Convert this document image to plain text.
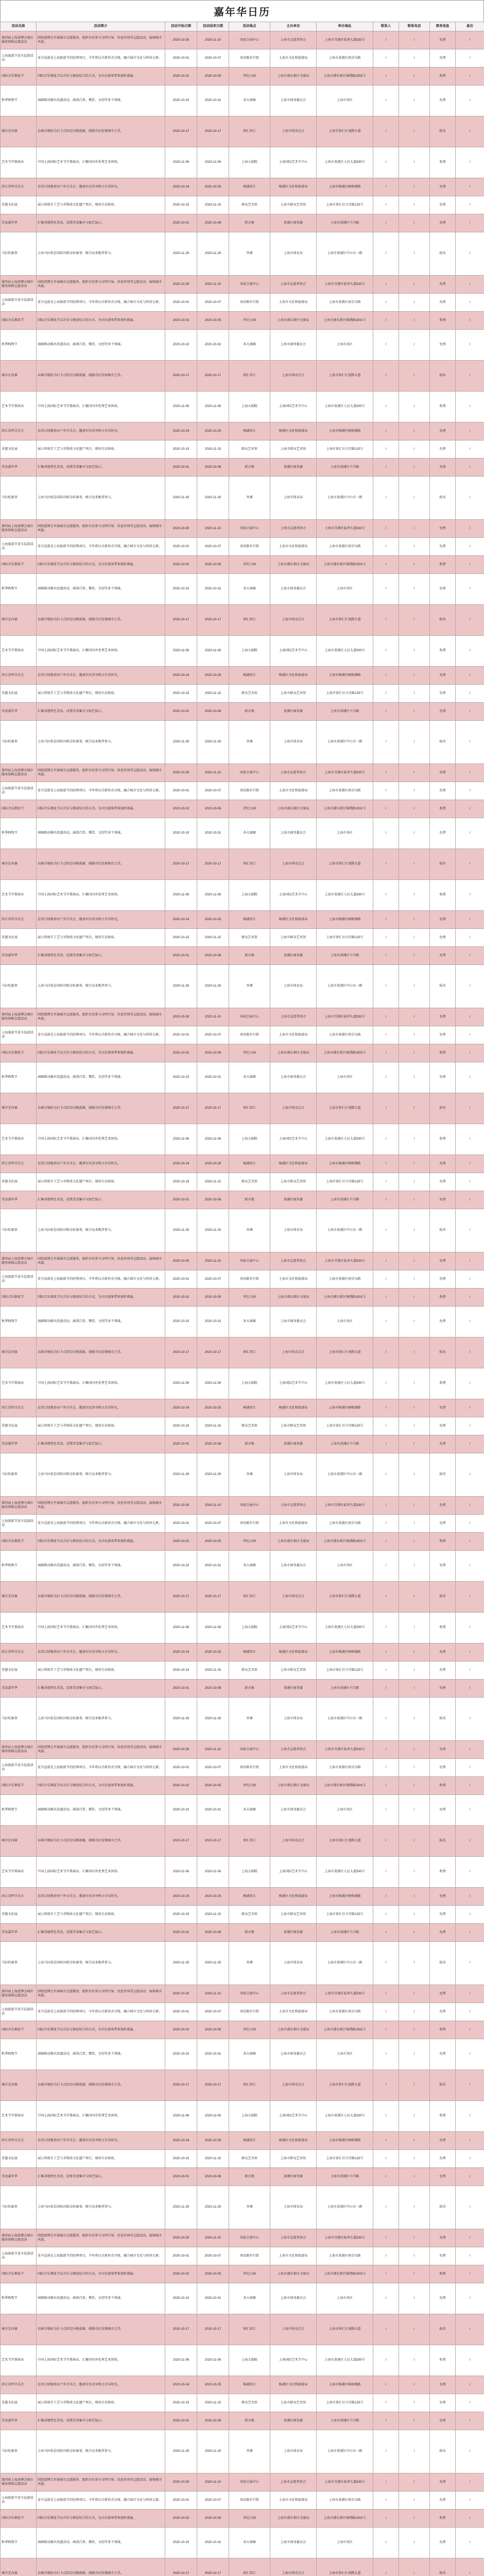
嘉年华日历
活动名称	活动简介	活动开始日期	活动结束日期	活动地点	主办单位	举办地址	联系人	联系电话	票务信息	备注
第四届上海进博会城市服务保障志愿活动	围绕进博会开展城市志愿服务，组织市民参与文明引导、信息咨询等志愿活动，展现城市风貌。	2020-10-30	2020-11-10	国家会展中心	上海市志愿者协会	上海市青浦区崧泽大道333号	/	/	免费	/
上海旅游节花车巡游活动	花车巡游是上海旅游节的经典项目，今年将以全新形式呈现，融合城市文化与时尚元素。	2020-10-01	2020-10-07	南京路步行街	上海市文化和旅游局	上海市黄浦区南京东路	/	/	免费	/
国际音乐烟花节	国际音乐烟花节以音乐与烟花结合的方式，为市民游客带来视听盛宴。	2020-10-02	2020-10-05	世纪公园	上海市浦东新区文旅局	上海市浦东新区锦绣路1001号	/	/	收费	/
秋季购物节	商圈联动推出优惠活动，涵盖百货、餐饮、文创等多个领域。	2020-10-10	2020-10-31	各大商圈	上海市商务委员会	上海市各区	/	/	免费	/
城市定向赛	以城市地标为打卡点的定向挑战赛，鼓励市民发现城市之美。	2020-10-17	2020-10-17	徐汇滨江	上海市体育总会	上海市徐汇区龙腾大道	/	/	报名	/
艺术节开幕演出	中国上海国际艺术节开幕演出，汇聚国内外优秀艺术团体。	2020-11-06	2020-11-06	上海大剧院	上海国际艺术节中心	上海市黄浦区人民大道300号	/	/	收费	/
滨江草坪音乐会	在滨江绿地举办户外音乐会，邀请市民共享秋日音乐时光。	2020-10-24	2020-10-25	杨浦滨江	杨浦区文化和旅游局	上海市杨浦区杨树浦路	/	/	免费	/
非遗文化展	展示传统手工艺与非物质文化遗产项目，现场互动体验。	2020-10-15	2020-11-15	群众艺术馆	上海市群众艺术馆	上海市徐汇区古宜路125号	/	/	免费	/
美食嘉年华	汇集各地特色美食，设置美食集市与厨艺展示。	2020-10-01	2020-10-08	新天地	黄浦区商务委	上海市黄浦区马当路	/	/	免费	/
马拉松赛事	上海马拉松是国际田联金标赛事，吸引众多跑者参与。	2020-11-29	2020-11-29	外滩	上海市体育局	上海市黄浦区中山东一路	/	/	报名	/
第四届上海进博会城市服务保障志愿活动	围绕进博会开展城市志愿服务，组织市民参与文明引导、信息咨询等志愿活动，展现城市风貌。	2020-10-30	2020-11-10	国家会展中心	上海市志愿者协会	上海市青浦区崧泽大道333号	/	/	免费	/
上海旅游节花车巡游活动	花车巡游是上海旅游节的经典项目，今年将以全新形式呈现，融合城市文化与时尚元素。	2020-10-01	2020-10-07	南京路步行街	上海市文化和旅游局	上海市黄浦区南京东路	/	/	免费	/
国际音乐烟花节	国际音乐烟花节以音乐与烟花结合的方式，为市民游客带来视听盛宴。	2020-10-02	2020-10-05	世纪公园	上海市浦东新区文旅局	上海市浦东新区锦绣路1001号	/	/	收费	/
秋季购物节	商圈联动推出优惠活动，涵盖百货、餐饮、文创等多个领域。	2020-10-10	2020-10-31	各大商圈	上海市商务委员会	上海市各区	/	/	免费	/
城市定向赛	以城市地标为打卡点的定向挑战赛，鼓励市民发现城市之美。	2020-10-17	2020-10-17	徐汇滨江	上海市体育总会	上海市徐汇区龙腾大道	/	/	报名	/
艺术节开幕演出	中国上海国际艺术节开幕演出，汇聚国内外优秀艺术团体。	2020-11-06	2020-11-06	上海大剧院	上海国际艺术节中心	上海市黄浦区人民大道300号	/	/	收费	/
滨江草坪音乐会	在滨江绿地举办户外音乐会，邀请市民共享秋日音乐时光。	2020-10-24	2020-10-25	杨浦滨江	杨浦区文化和旅游局	上海市杨浦区杨树浦路	/	/	免费	/
非遗文化展	展示传统手工艺与非物质文化遗产项目，现场互动体验。	2020-10-15	2020-11-15	群众艺术馆	上海市群众艺术馆	上海市徐汇区古宜路125号	/	/	免费	/
美食嘉年华	汇集各地特色美食，设置美食集市与厨艺展示。	2020-10-01	2020-10-08	新天地	黄浦区商务委	上海市黄浦区马当路	/	/	免费	/
马拉松赛事	上海马拉松是国际田联金标赛事，吸引众多跑者参与。	2020-11-29	2020-11-29	外滩	上海市体育局	上海市黄浦区中山东一路	/	/	报名	/
第四届上海进博会城市服务保障志愿活动	围绕进博会开展城市志愿服务，组织市民参与文明引导、信息咨询等志愿活动，展现城市风貌。	2020-10-30	2020-11-10	国家会展中心	上海市志愿者协会	上海市青浦区崧泽大道333号	/	/	免费	/
上海旅游节花车巡游活动	花车巡游是上海旅游节的经典项目，今年将以全新形式呈现，融合城市文化与时尚元素。	2020-10-01	2020-10-07	南京路步行街	上海市文化和旅游局	上海市黄浦区南京东路	/	/	免费	/
国际音乐烟花节	国际音乐烟花节以音乐与烟花结合的方式，为市民游客带来视听盛宴。	2020-10-02	2020-10-05	世纪公园	上海市浦东新区文旅局	上海市浦东新区锦绣路1001号	/	/	收费	/
秋季购物节	商圈联动推出优惠活动，涵盖百货、餐饮、文创等多个领域。	2020-10-10	2020-10-31	各大商圈	上海市商务委员会	上海市各区	/	/	免费	/
城市定向赛	以城市地标为打卡点的定向挑战赛，鼓励市民发现城市之美。	2020-10-17	2020-10-17	徐汇滨江	上海市体育总会	上海市徐汇区龙腾大道	/	/	报名	/
艺术节开幕演出	中国上海国际艺术节开幕演出，汇聚国内外优秀艺术团体。	2020-11-06	2020-11-06	上海大剧院	上海国际艺术节中心	上海市黄浦区人民大道300号	/	/	收费	/
滨江草坪音乐会	在滨江绿地举办户外音乐会，邀请市民共享秋日音乐时光。	2020-10-24	2020-10-25	杨浦滨江	杨浦区文化和旅游局	上海市杨浦区杨树浦路	/	/	免费	/
非遗文化展	展示传统手工艺与非物质文化遗产项目，现场互动体验。	2020-10-15	2020-11-15	群众艺术馆	上海市群众艺术馆	上海市徐汇区古宜路125号	/	/	免费	/
美食嘉年华	汇集各地特色美食，设置美食集市与厨艺展示。	2020-10-01	2020-10-08	新天地	黄浦区商务委	上海市黄浦区马当路	/	/	免费	/
马拉松赛事	上海马拉松是国际田联金标赛事，吸引众多跑者参与。	2020-11-29	2020-11-29	外滩	上海市体育局	上海市黄浦区中山东一路	/	/	报名	/
第四届上海进博会城市服务保障志愿活动	围绕进博会开展城市志愿服务，组织市民参与文明引导、信息咨询等志愿活动，展现城市风貌。	2020-10-30	2020-11-10	国家会展中心	上海市志愿者协会	上海市青浦区崧泽大道333号	/	/	免费	/
上海旅游节花车巡游活动	花车巡游是上海旅游节的经典项目，今年将以全新形式呈现，融合城市文化与时尚元素。	2020-10-01	2020-10-07	南京路步行街	上海市文化和旅游局	上海市黄浦区南京东路	/	/	免费	/
国际音乐烟花节	国际音乐烟花节以音乐与烟花结合的方式，为市民游客带来视听盛宴。	2020-10-02	2020-10-05	世纪公园	上海市浦东新区文旅局	上海市浦东新区锦绣路1001号	/	/	收费	/
秋季购物节	商圈联动推出优惠活动，涵盖百货、餐饮、文创等多个领域。	2020-10-10	2020-10-31	各大商圈	上海市商务委员会	上海市各区	/	/	免费	/
城市定向赛	以城市地标为打卡点的定向挑战赛，鼓励市民发现城市之美。	2020-10-17	2020-10-17	徐汇滨江	上海市体育总会	上海市徐汇区龙腾大道	/	/	报名	/
艺术节开幕演出	中国上海国际艺术节开幕演出，汇聚国内外优秀艺术团体。	2020-11-06	2020-11-06	上海大剧院	上海国际艺术节中心	上海市黄浦区人民大道300号	/	/	收费	/
滨江草坪音乐会	在滨江绿地举办户外音乐会，邀请市民共享秋日音乐时光。	2020-10-24	2020-10-25	杨浦滨江	杨浦区文化和旅游局	上海市杨浦区杨树浦路	/	/	免费	/
非遗文化展	展示传统手工艺与非物质文化遗产项目，现场互动体验。	2020-10-15	2020-11-15	群众艺术馆	上海市群众艺术馆	上海市徐汇区古宜路125号	/	/	免费	/
美食嘉年华	汇集各地特色美食，设置美食集市与厨艺展示。	2020-10-01	2020-10-08	新天地	黄浦区商务委	上海市黄浦区马当路	/	/	免费	/
马拉松赛事	上海马拉松是国际田联金标赛事，吸引众多跑者参与。	2020-11-29	2020-11-29	外滩	上海市体育局	上海市黄浦区中山东一路	/	/	报名	/
第四届上海进博会城市服务保障志愿活动	围绕进博会开展城市志愿服务，组织市民参与文明引导、信息咨询等志愿活动，展现城市风貌。	2020-10-30	2020-11-10	国家会展中心	上海市志愿者协会	上海市青浦区崧泽大道333号	/	/	免费	/
上海旅游节花车巡游活动	花车巡游是上海旅游节的经典项目，今年将以全新形式呈现，融合城市文化与时尚元素。	2020-10-01	2020-10-07	南京路步行街	上海市文化和旅游局	上海市黄浦区南京东路	/	/	免费	/
国际音乐烟花节	国际音乐烟花节以音乐与烟花结合的方式，为市民游客带来视听盛宴。	2020-10-02	2020-10-05	世纪公园	上海市浦东新区文旅局	上海市浦东新区锦绣路1001号	/	/	收费	/
秋季购物节	商圈联动推出优惠活动，涵盖百货、餐饮、文创等多个领域。	2020-10-10	2020-10-31	各大商圈	上海市商务委员会	上海市各区	/	/	免费	/
城市定向赛	以城市地标为打卡点的定向挑战赛，鼓励市民发现城市之美。	2020-10-17	2020-10-17	徐汇滨江	上海市体育总会	上海市徐汇区龙腾大道	/	/	报名	/
艺术节开幕演出	中国上海国际艺术节开幕演出，汇聚国内外优秀艺术团体。	2020-11-06	2020-11-06	上海大剧院	上海国际艺术节中心	上海市黄浦区人民大道300号	/	/	收费	/
滨江草坪音乐会	在滨江绿地举办户外音乐会，邀请市民共享秋日音乐时光。	2020-10-24	2020-10-25	杨浦滨江	杨浦区文化和旅游局	上海市杨浦区杨树浦路	/	/	免费	/
非遗文化展	展示传统手工艺与非物质文化遗产项目，现场互动体验。	2020-10-15	2020-11-15	群众艺术馆	上海市群众艺术馆	上海市徐汇区古宜路125号	/	/	免费	/
美食嘉年华	汇集各地特色美食，设置美食集市与厨艺展示。	2020-10-01	2020-10-08	新天地	黄浦区商务委	上海市黄浦区马当路	/	/	免费	/
马拉松赛事	上海马拉松是国际田联金标赛事，吸引众多跑者参与。	2020-11-29	2020-11-29	外滩	上海市体育局	上海市黄浦区中山东一路	/	/	报名	/
第四届上海进博会城市服务保障志愿活动	围绕进博会开展城市志愿服务，组织市民参与文明引导、信息咨询等志愿活动，展现城市风貌。	2020-10-30	2020-11-10	国家会展中心	上海市志愿者协会	上海市青浦区崧泽大道333号	/	/	免费	/
上海旅游节花车巡游活动	花车巡游是上海旅游节的经典项目，今年将以全新形式呈现，融合城市文化与时尚元素。	2020-10-01	2020-10-07	南京路步行街	上海市文化和旅游局	上海市黄浦区南京东路	/	/	免费	/
国际音乐烟花节	国际音乐烟花节以音乐与烟花结合的方式，为市民游客带来视听盛宴。	2020-10-02	2020-10-05	世纪公园	上海市浦东新区文旅局	上海市浦东新区锦绣路1001号	/	/	收费	/
秋季购物节	商圈联动推出优惠活动，涵盖百货、餐饮、文创等多个领域。	2020-10-10	2020-10-31	各大商圈	上海市商务委员会	上海市各区	/	/	免费	/
城市定向赛	以城市地标为打卡点的定向挑战赛，鼓励市民发现城市之美。	2020-10-17	2020-10-17	徐汇滨江	上海市体育总会	上海市徐汇区龙腾大道	/	/	报名	/
艺术节开幕演出	中国上海国际艺术节开幕演出，汇聚国内外优秀艺术团体。	2020-11-06	2020-11-06	上海大剧院	上海国际艺术节中心	上海市黄浦区人民大道300号	/	/	收费	/
滨江草坪音乐会	在滨江绿地举办户外音乐会，邀请市民共享秋日音乐时光。	2020-10-24	2020-10-25	杨浦滨江	杨浦区文化和旅游局	上海市杨浦区杨树浦路	/	/	免费	/
非遗文化展	展示传统手工艺与非物质文化遗产项目，现场互动体验。	2020-10-15	2020-11-15	群众艺术馆	上海市群众艺术馆	上海市徐汇区古宜路125号	/	/	免费	/
美食嘉年华	汇集各地特色美食，设置美食集市与厨艺展示。	2020-10-01	2020-10-08	新天地	黄浦区商务委	上海市黄浦区马当路	/	/	免费	/
马拉松赛事	上海马拉松是国际田联金标赛事，吸引众多跑者参与。	2020-11-29	2020-11-29	外滩	上海市体育局	上海市黄浦区中山东一路	/	/	报名	/
第四届上海进博会城市服务保障志愿活动	围绕进博会开展城市志愿服务，组织市民参与文明引导、信息咨询等志愿活动，展现城市风貌。	2020-10-30	2020-11-10	国家会展中心	上海市志愿者协会	上海市青浦区崧泽大道333号	/	/	免费	/
上海旅游节花车巡游活动	花车巡游是上海旅游节的经典项目，今年将以全新形式呈现，融合城市文化与时尚元素。	2020-10-01	2020-10-07	南京路步行街	上海市文化和旅游局	上海市黄浦区南京东路	/	/	免费	/
国际音乐烟花节	国际音乐烟花节以音乐与烟花结合的方式，为市民游客带来视听盛宴。	2020-10-02	2020-10-05	世纪公园	上海市浦东新区文旅局	上海市浦东新区锦绣路1001号	/	/	收费	/
秋季购物节	商圈联动推出优惠活动，涵盖百货、餐饮、文创等多个领域。	2020-10-10	2020-10-31	各大商圈	上海市商务委员会	上海市各区	/	/	免费	/
城市定向赛	以城市地标为打卡点的定向挑战赛，鼓励市民发现城市之美。	2020-10-17	2020-10-17	徐汇滨江	上海市体育总会	上海市徐汇区龙腾大道	/	/	报名	/
艺术节开幕演出	中国上海国际艺术节开幕演出，汇聚国内外优秀艺术团体。	2020-11-06	2020-11-06	上海大剧院	上海国际艺术节中心	上海市黄浦区人民大道300号	/	/	收费	/
滨江草坪音乐会	在滨江绿地举办户外音乐会，邀请市民共享秋日音乐时光。	2020-10-24	2020-10-25	杨浦滨江	杨浦区文化和旅游局	上海市杨浦区杨树浦路	/	/	免费	/
非遗文化展	展示传统手工艺与非物质文化遗产项目，现场互动体验。	2020-10-15	2020-11-15	群众艺术馆	上海市群众艺术馆	上海市徐汇区古宜路125号	/	/	免费	/
美食嘉年华	汇集各地特色美食，设置美食集市与厨艺展示。	2020-10-01	2020-10-08	新天地	黄浦区商务委	上海市黄浦区马当路	/	/	免费	/
马拉松赛事	上海马拉松是国际田联金标赛事，吸引众多跑者参与。	2020-11-29	2020-11-29	外滩	上海市体育局	上海市黄浦区中山东一路	/	/	报名	/
第四届上海进博会城市服务保障志愿活动	围绕进博会开展城市志愿服务，组织市民参与文明引导、信息咨询等志愿活动，展现城市风貌。	2020-10-30	2020-11-10	国家会展中心	上海市志愿者协会	上海市青浦区崧泽大道333号	/	/	免费	/
上海旅游节花车巡游活动	花车巡游是上海旅游节的经典项目，今年将以全新形式呈现，融合城市文化与时尚元素。	2020-10-01	2020-10-07	南京路步行街	上海市文化和旅游局	上海市黄浦区南京东路	/	/	免费	/
国际音乐烟花节	国际音乐烟花节以音乐与烟花结合的方式，为市民游客带来视听盛宴。	2020-10-02	2020-10-05	世纪公园	上海市浦东新区文旅局	上海市浦东新区锦绣路1001号	/	/	收费	/
秋季购物节	商圈联动推出优惠活动，涵盖百货、餐饮、文创等多个领域。	2020-10-10	2020-10-31	各大商圈	上海市商务委员会	上海市各区	/	/	免费	/
城市定向赛	以城市地标为打卡点的定向挑战赛，鼓励市民发现城市之美。	2020-10-17	2020-10-17	徐汇滨江	上海市体育总会	上海市徐汇区龙腾大道	/	/	报名	/
艺术节开幕演出	中国上海国际艺术节开幕演出，汇聚国内外优秀艺术团体。	2020-11-06	2020-11-06	上海大剧院	上海国际艺术节中心	上海市黄浦区人民大道300号	/	/	收费	/
滨江草坪音乐会	在滨江绿地举办户外音乐会，邀请市民共享秋日音乐时光。	2020-10-24	2020-10-25	杨浦滨江	杨浦区文化和旅游局	上海市杨浦区杨树浦路	/	/	免费	/
非遗文化展	展示传统手工艺与非物质文化遗产项目，现场互动体验。	2020-10-15	2020-11-15	群众艺术馆	上海市群众艺术馆	上海市徐汇区古宜路125号	/	/	免费	/
美食嘉年华	汇集各地特色美食，设置美食集市与厨艺展示。	2020-10-01	2020-10-08	新天地	黄浦区商务委	上海市黄浦区马当路	/	/	免费	/
马拉松赛事	上海马拉松是国际田联金标赛事，吸引众多跑者参与。	2020-11-29	2020-11-29	外滩	上海市体育局	上海市黄浦区中山东一路	/	/	报名	/
第四届上海进博会城市服务保障志愿活动	围绕进博会开展城市志愿服务，组织市民参与文明引导、信息咨询等志愿活动，展现城市风貌。	2020-10-30	2020-11-10	国家会展中心	上海市志愿者协会	上海市青浦区崧泽大道333号	/	/	免费	/
上海旅游节花车巡游活动	花车巡游是上海旅游节的经典项目，今年将以全新形式呈现，融合城市文化与时尚元素。	2020-10-01	2020-10-07	南京路步行街	上海市文化和旅游局	上海市黄浦区南京东路	/	/	免费	/
国际音乐烟花节	国际音乐烟花节以音乐与烟花结合的方式，为市民游客带来视听盛宴。	2020-10-02	2020-10-05	世纪公园	上海市浦东新区文旅局	上海市浦东新区锦绣路1001号	/	/	收费	/
秋季购物节	商圈联动推出优惠活动，涵盖百货、餐饮、文创等多个领域。	2020-10-10	2020-10-31	各大商圈	上海市商务委员会	上海市各区	/	/	免费	/
城市定向赛	以城市地标为打卡点的定向挑战赛，鼓励市民发现城市之美。	2020-10-17	2020-10-17	徐汇滨江	上海市体育总会	上海市徐汇区龙腾大道	/	/	报名	/
艺术节开幕演出	中国上海国际艺术节开幕演出，汇聚国内外优秀艺术团体。	2020-11-06	2020-11-06	上海大剧院	上海国际艺术节中心	上海市黄浦区人民大道300号	/	/	收费	/
滨江草坪音乐会	在滨江绿地举办户外音乐会，邀请市民共享秋日音乐时光。	2020-10-24	2020-10-25	杨浦滨江	杨浦区文化和旅游局	上海市杨浦区杨树浦路	/	/	免费	/
非遗文化展	展示传统手工艺与非物质文化遗产项目，现场互动体验。	2020-10-15	2020-11-15	群众艺术馆	上海市群众艺术馆	上海市徐汇区古宜路125号	/	/	免费	/
美食嘉年华	汇集各地特色美食，设置美食集市与厨艺展示。	2020-10-01	2020-10-08	新天地	黄浦区商务委	上海市黄浦区马当路	/	/	免费	/
马拉松赛事	上海马拉松是国际田联金标赛事，吸引众多跑者参与。	2020-11-29	2020-11-29	外滩	上海市体育局	上海市黄浦区中山东一路	/	/	报名	/
第四届上海进博会城市服务保障志愿活动	围绕进博会开展城市志愿服务，组织市民参与文明引导、信息咨询等志愿活动，展现城市风貌。	2020-10-30	2020-11-10	国家会展中心	上海市志愿者协会	上海市青浦区崧泽大道333号	/	/	免费	/
上海旅游节花车巡游活动	花车巡游是上海旅游节的经典项目，今年将以全新形式呈现，融合城市文化与时尚元素。	2020-10-01	2020-10-07	南京路步行街	上海市文化和旅游局	上海市黄浦区南京东路	/	/	免费	/
国际音乐烟花节	国际音乐烟花节以音乐与烟花结合的方式，为市民游客带来视听盛宴。	2020-10-02	2020-10-05	世纪公园	上海市浦东新区文旅局	上海市浦东新区锦绣路1001号	/	/	收费	/
秋季购物节	商圈联动推出优惠活动，涵盖百货、餐饮、文创等多个领域。	2020-10-10	2020-10-31	各大商圈	上海市商务委员会	上海市各区	/	/	免费	/
城市定向赛	以城市地标为打卡点的定向挑战赛，鼓励市民发现城市之美。	2020-10-17	2020-10-17	徐汇滨江	上海市体育总会	上海市徐汇区龙腾大道	/	/	报名	/
艺术节开幕演出	中国上海国际艺术节开幕演出，汇聚国内外优秀艺术团体。	2020-11-06	2020-11-06	上海大剧院	上海国际艺术节中心	上海市黄浦区人民大道300号	/	/	收费	/
滨江草坪音乐会	在滨江绿地举办户外音乐会，邀请市民共享秋日音乐时光。	2020-10-24	2020-10-25	杨浦滨江	杨浦区文化和旅游局	上海市杨浦区杨树浦路	/	/	免费	/
非遗文化展	展示传统手工艺与非物质文化遗产项目，现场互动体验。	2020-10-15	2020-11-15	群众艺术馆	上海市群众艺术馆	上海市徐汇区古宜路125号	/	/	免费	/
美食嘉年华	汇集各地特色美食，设置美食集市与厨艺展示。	2020-10-01	2020-10-08	新天地	黄浦区商务委	上海市黄浦区马当路	/	/	免费	/
马拉松赛事	上海马拉松是国际田联金标赛事，吸引众多跑者参与。	2020-11-29	2020-11-29	外滩	上海市体育局	上海市黄浦区中山东一路	/	/	报名	/
第四届上海进博会城市服务保障志愿活动	围绕进博会开展城市志愿服务，组织市民参与文明引导、信息咨询等志愿活动，展现城市风貌。	2020-10-30	2020-11-10	国家会展中心	上海市志愿者协会	上海市青浦区崧泽大道333号	/	/	免费	/
上海旅游节花车巡游活动	花车巡游是上海旅游节的经典项目，今年将以全新形式呈现，融合城市文化与时尚元素。	2020-10-01	2020-10-07	南京路步行街	上海市文化和旅游局	上海市黄浦区南京东路	/	/	免费	/
国际音乐烟花节	国际音乐烟花节以音乐与烟花结合的方式，为市民游客带来视听盛宴。	2020-10-02	2020-10-05	世纪公园	上海市浦东新区文旅局	上海市浦东新区锦绣路1001号	/	/	收费	/
秋季购物节	商圈联动推出优惠活动，涵盖百货、餐饮、文创等多个领域。	2020-10-10	2020-10-31	各大商圈	上海市商务委员会	上海市各区	/	/	免费	/
城市定向赛	以城市地标为打卡点的定向挑战赛，鼓励市民发现城市之美。	2020-10-17	2020-10-17	徐汇滨江	上海市体育总会	上海市徐汇区龙腾大道	/	/	报名	/
